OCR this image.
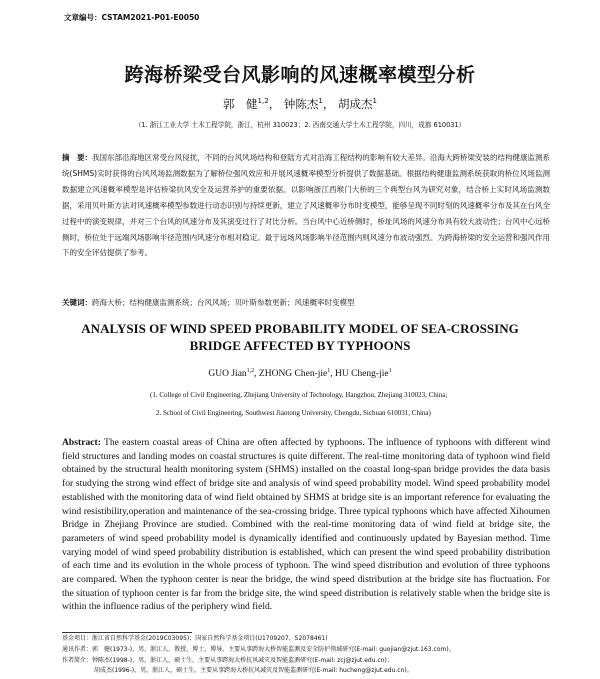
文章编号：CSTAM2021-P01-E0050
跨海桥梁受台风影响的风速概率模型分析
郭　健$^{1,2}$， 钟陈杰$^1$， 胡成杰$^1$
（1. 浙江工业大学 土木工程学院，浙江，杭州 310023；2. 西南交通大学土木工程学院，四川，成都 610031）
摘　要：我国东部沿海地区常受台风侵扰，不同的台风风场结构和登陆方式对沿海工程结构的影响有较大差异。沿海大跨桥梁安装的结构健康监测系统(SHMS)实时获得的台风风场监测数据为了解桥位强风效应和开展风速概率模型分析提供了数据基础。根据结构健康监测系统获取的桥位风场监测数据建立风速概率模型是评估桥梁抗风安全及运营养护的重要依据。以影响浙江西堠门大桥的三个典型台风为研究对象，结合桥上实时风场监测数据，采用贝叶斯方法对风速概率模型参数进行动态识别与持续更新，建立了风速概率分布时变模型，能够呈现不同时刻的风速概率分布及其在台风全过程中的演变规律，并对三个台风的风速分布及其演变过行了对比分析。当台风中心近桥侧时，桥址风场的风速分布具有较大波动性；台风中心远桥侧时，桥位处于远端风场影响半径范围内风速分布相对稳定。最于远场风场影响半径范围内则风速分布波动强烈。为跨海桥梁的安全运营和强风作用下的安全评估提供了参考。
关键词：跨海大桥；结构健康监测系统；台风风场；贝叶斯参数更新；风速概率时变模型
ANALYSIS OF WIND SPEED PROBABILITY MODEL OF SEA-CROSSING
BRIDGE AFFECTED BY TYPHOONS
GUO Jian$^{1,2}$, ZHONG Chen-jie$^1$, HU Cheng-jie$^1$
(1. College of Civil Engineering, Zhejiang University of Technology, Hangzhou, Zhejiang 310023, China;
2. School of Civil Engineering, Southwest Jiaotong University, Chengdu, Sichuan 610031, China)
Abstract: The eastern coastal areas of China are often affected by typhoons. The influence of typhoons with different wind field structures and landing modes on coastal structures is quite different. The real-time monitoring data of typhoon wind field obtained by the structural health monitoring system (SHMS) installed on the coastal long-span bridge provides the data basis for studying the strong wind effect of bridge site and analysis of wind speed probability model. Wind speed probability model established with the monitoring data of wind field obtained by SHMS at bridge site is an important reference for evaluating the wind resistibility,operation and maintenance of the sea-crossing bridge. Three typical typhoons which have affected Xihoumen Bridge in Zhejiang Province are studied. Combined with the real-time monitoring data of wind field at bridge site, the parameters of wind speed probability model is dynamically identified and continuously updated by Bayesian method. Time varying model of wind speed probability distribution is established, which can present the wind speed probability distribution of each time and its evolution in the whole process of typhoon. The wind speed distribution and evolution of three typhoons are compared. When the typhoon center is near the bridge, the wind speed distribution at the bridge site has fluctuation. For the situation of typhoon center is far from the bridge site, the wind speed distribution is relatively stable when the bridge site is within the influence radius of the periphery wind field.
基金项目：浙江省自然科学基金(2019C03095)；国家自然科学基金项目(U1709207，52078461)
通讯作者：郭　健(1973-)，男，浙江人，教授，博士，博导。主要从事跨海大桥智能监测及安全防护领域研究(E-mail: guojian@zjut.163.com)。
作者简介：钟陈杰(1998-)，男，浙江人，硕士生，主要从事跨海大桥抗风减灾及智能监测研究(E-mail: zcj@zjut.edu.cn)；
胡成杰(1996-)，男，浙江人，硕士生，主要从事跨海大桥抗风减灾及智能监测研究(E-mail: hucheng@zjut.edu.cn)。
